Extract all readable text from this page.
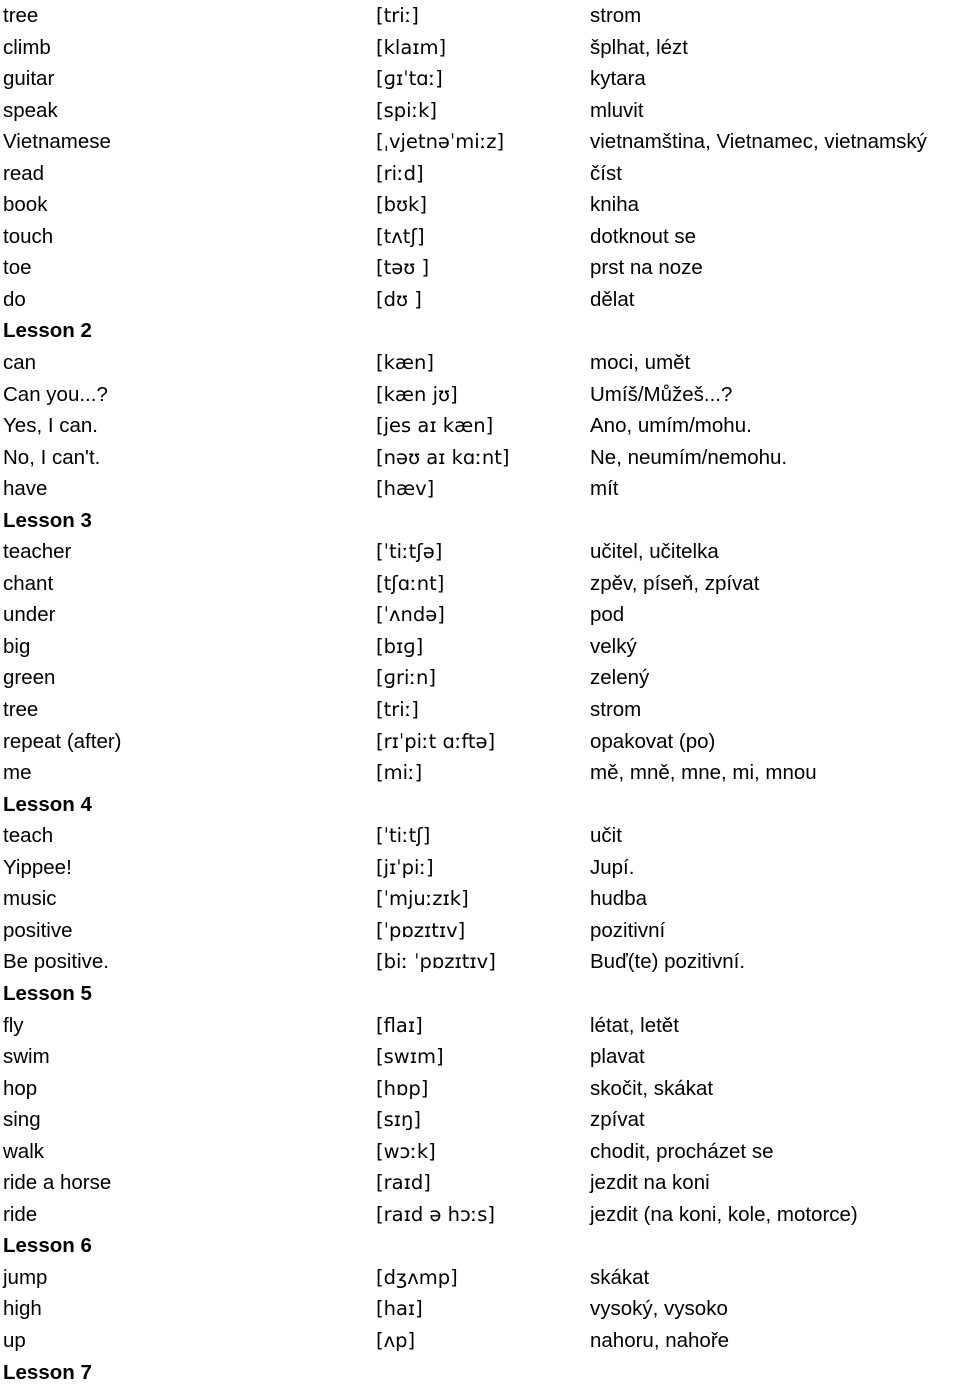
tree	[triː]	strom
climb	[klaɪm]	šplhat, lézt
guitar	[ɡɪˈtɑː]	kytara
speak	[spiːk]	mluvit
Vietnamese	[ˌvjetnəˈmiːz]	vietnamština, Vietnamec, vietnamský
read	[riːd]	číst
book	[bʊk]	kniha
touch	[tʌtʃ]	dotknout se
toe	[təʊ ]	prst na noze
do	[dʊ ]	dělat
Lesson 2
can	[kæn]	moci, umět
Can you...?	[kæn jʊ]	Umíš/Můžeš...?
Yes, I can.	[jes aɪ kæn]	Ano, umím/mohu.
No, I can't.	[nəʊ aɪ kɑːnt]	Ne, neumím/nemohu.
have	[hæv]	mít
Lesson 3
teacher	[ˈtiːtʃə]	učitel, učitelka
chant	[tʃɑːnt]	zpěv, píseň, zpívat
under	[ˈʌndə]	pod
big	[bɪɡ]	velký
green	[ɡriːn]	zelený
tree	[triː]	strom
repeat (after)	[rɪˈpiːt ɑːftə]	opakovat (po)
me	[miː]	mě, mně, mne, mi, mnou
Lesson 4
teach	[ˈtiːtʃ]	učit
Yippee!	[jɪˈpiː]	Jupí.
music	[ˈmjuːzɪk]	hudba
positive	[ˈpɒzɪtɪv]	pozitivní
Be positive.	[biː ˈpɒzɪtɪv]	Buď(te) pozitivní.
Lesson 5
fly	[flaɪ]	létat, letět
swim	[swɪm]	plavat
hop	[hɒp]	skočit, skákat
sing	[sɪŋ]	zpívat
walk	[wɔːk]	chodit, procházet se
ride a horse	[raɪd]	jezdit na koni
ride	[raɪd ə hɔːs]	jezdit (na koni, kole, motorce)
Lesson 6
jump	[dʒʌmp]	skákat
high	[haɪ]	vysoký, vysoko
up	[ʌp]	nahoru, nahoře
Lesson 7
